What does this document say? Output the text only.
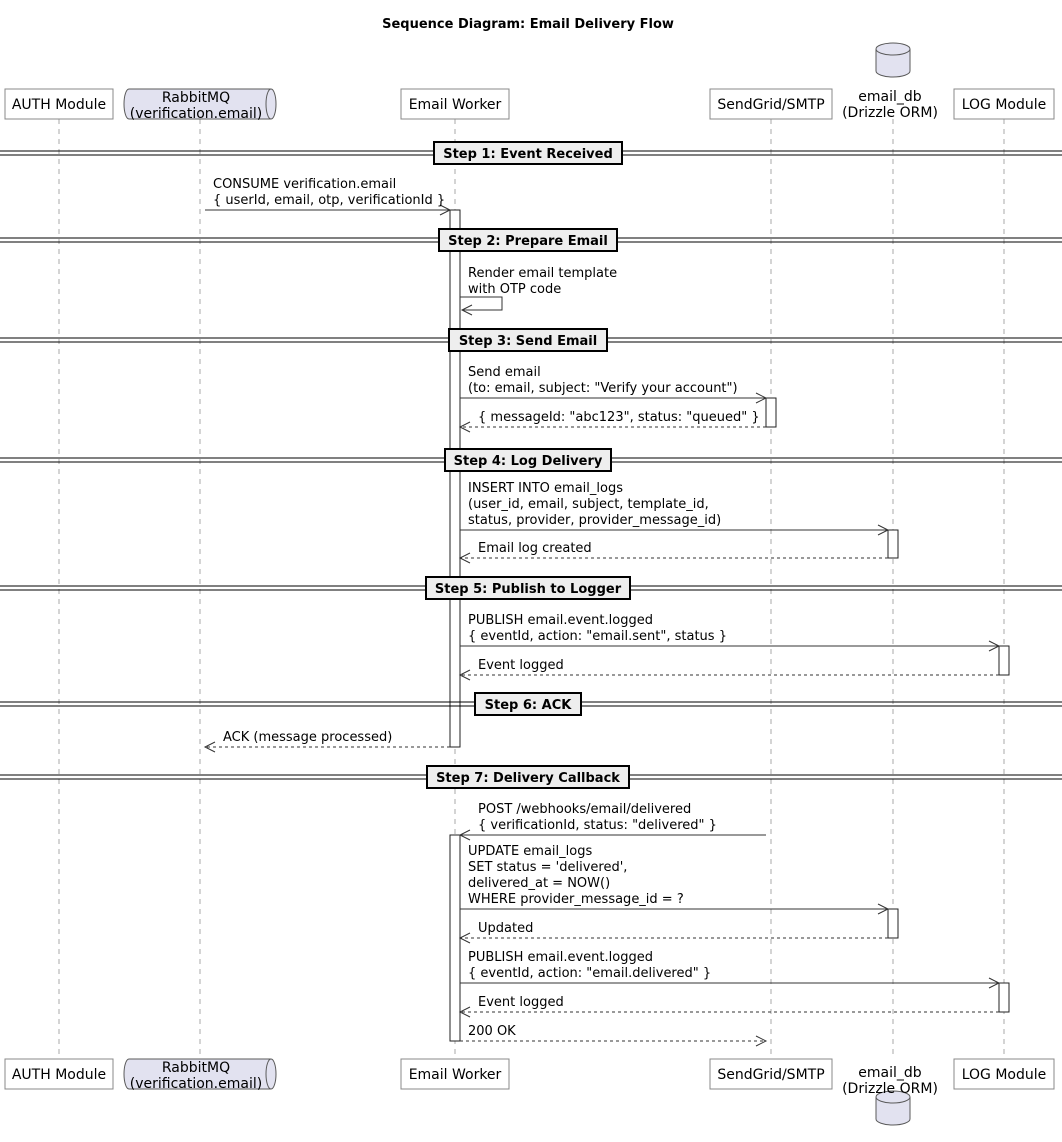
Sequence Diagram: Email Delivery Flow
Step 1: Event Received
Step 2: Prepare Email
Step 3: Send Email
Step 4: Log Delivery
Step 5: Publish to Logger
Step 6: ACK
Step 7: Delivery Callback
CONSUME verification.email
{ userId, email, otp, verificationId }
Render email template
with OTP code
Send email
(to: email, subject: "Verify your account")
{ messageId: "abc123", status: "queued" }
INSERT INTO email_logs
(user_id, email, subject, template_id,
status, provider, provider_message_id)
Email log created
PUBLISH email.event.logged
{ eventId, action: "email.sent", status }
Event logged
ACK (message processed)
POST /webhooks/email/delivered
{ verificationId, status: "delivered" }
UPDATE email_logs
SET status = 'delivered',
delivered_at = NOW()
WHERE provider_message_id = ?
Updated
PUBLISH email.event.logged
{ eventId, action: "email.delivered" }
Event logged
200 OK
AUTH Module
AUTH Module
RabbitMQ
(verification.email)
RabbitMQ
(verification.email)
Email Worker
Email Worker
SendGrid/SMTP
SendGrid/SMTP
email_db
(Drizzle ORM)
email_db
(Drizzle ORM)
LOG Module
LOG Module
